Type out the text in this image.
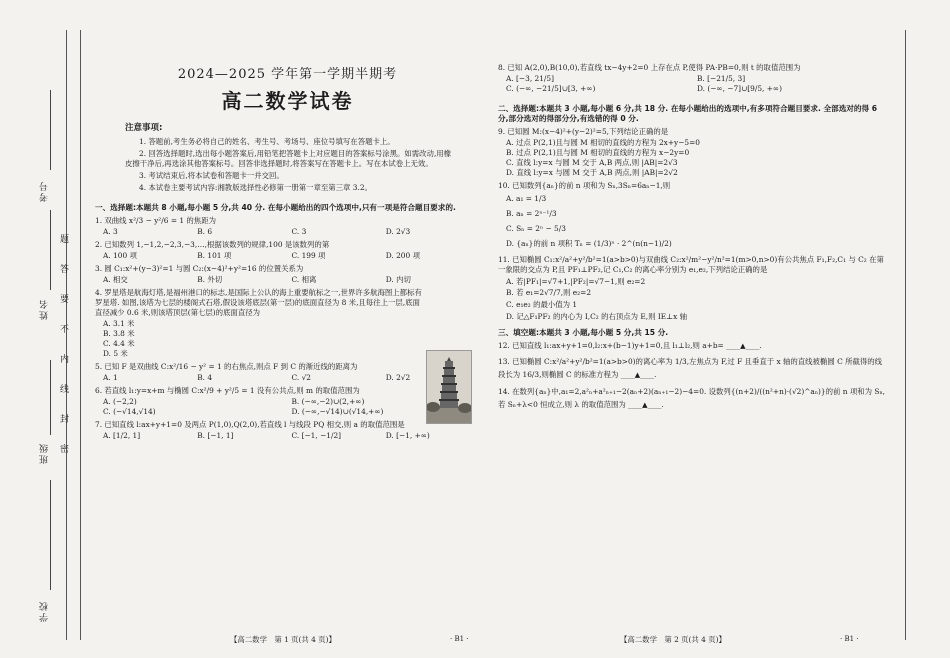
考号
姓名
班级
学校
题
答
要
不
内
线
封
密
2024—2025 学年第一学期半期考
高二数学试卷
注意事项:

1. 答题前,考生务必将自己的姓名、考生号、考场号、座位号填写在答题卡上。

2. 回答选择题时,选出每小题答案后,用铅笔把答题卡上对应题目的答案标号涂黑。如需改动,用橡皮擦干净后,再选涂其他答案标号。回答非选择题时,将答案写在答题卡上。写在本试卷上无效。

3. 考试结束后,将本试卷和答题卡一并交回。

4. 本试卷主要考试内容:湘教版选择性必修第一册第一章至第三章 3.2。

一、选择题:本题共 8 小题,每小题 5 分,共 40 分. 在每小题给出的四个选项中,只有一项是符合题目要求的.
1. 双曲线 x²/3 − y²/6 = 1 的焦距为
A. 3	B. 6	C. 3	D. 2√3
2. 已知数列 1,−1,2,−2,3,−3,…,根据该数列的规律,100 是该数列的第
A. 100 项	B. 101 项	C. 199 项	D. 200 项
3. 圆 C₁:x²+(y−3)²=1 与圆 C₂:(x−4)²+y²=16 的位置关系为
A. 相交	B. 外切	C. 相离	D. 内切
4. 罗星塔是航海灯塔,是福州港口的标志,是国际上公认的海上重要航标之一,世界许多航海图上都标有罗星塔. 如图,该塔为七层的楼阁式石塔,假设该塔底层(第一层)的底面直径为 8 米,且每往上一层,底面直径减少 0.6 米,则该塔顶层(第七层)的底面直径为
A. 3.1 米
B. 3.8 米
C. 4.4 米
D. 5 米
5. 已知 F 是双曲线 C:x²/16 − y² = 1 的右焦点,则点 F 到 C 的渐近线的距离为
A. 1	B. 4	C. √2	D. 2√2
6. 若直线 l₁:y=x+m 与椭圆 C:x²/9 + y²/5 = 1 没有公共点,则 m 的取值范围为
A. (−2,2)	B. (−∞,−2)∪(2,+∞)
C. (−√14,√14)	D. (−∞,−√14)∪(√14,+∞)
7. 已知直线 l:ax+y+1=0 及两点 P(1,0),Q(2,0),若直线 l 与线段 PQ 相交,则 a 的取值范围是
A. [1/2, 1]	B. [−1, 1]	C. [−1, −1/2]	D. [−1, +∞)
8. 已知 A(2,0),B(10,0),若直线 tx−4y+2=0 上存在点 P,使得 PA·PB=0,则 t 的取值范围为
A. [−3, 21/5]	B. [−21/5, 3]
C. (−∞, −21/5]∪[3, +∞)	D. (−∞, −7]∪[9/5, +∞)
二、选择题:本题共 3 小题,每小题 6 分,共 18 分. 在每小题给出的选项中,有多项符合题目要求. 全部选对的得 6 分,部分选对的得部分分,有选错的得 0 分.
9. 已知圆 M:(x−4)²+(y−2)²=5,下列结论正确的是
A. 过点 P(2,1)且与圆 M 相切的直线的方程为 2x+y−5=0
B. 过点 P(2,1)且与圆 M 相切的直线的方程为 x−2y=0
C. 直线 l:y=x 与圆 M 交于 A,B 两点,则 |AB|=2√3
D. 直线 l:y=x 与圆 M 交于 A,B 两点,则 |AB|=2√2
10. 已知数列{aₙ}的前 n 项和为 Sₙ,3Sₙ=6aₙ−1,则
A. a₁ = 1/3
B. aₙ = 2ⁿ⁻¹/3
C. Sₙ = 2ⁿ − 5/3
D. {aₙ}的前 n 项积 Tₙ = (1/3)ⁿ · 2^(n(n−1)/2)
11. 已知椭圆 C₁:x²/a²+y²/b²=1(a>b>0)与双曲线 C₂:x²/m²−y²/n²=1(m>0,n>0)有公共焦点 F₁,F₂,C₁ 与 C₂ 在第一象限的交点为 P,且 PF₁⊥PF₂,记 C₁,C₂ 的离心率分别为 e₁,e₂,下列结论正确的是
A. 若|PF₁|=√7+1,|PF₂|=√7−1,则 e₂=2
B. 若 e₁=2√7/7,则 e₂=2
C. e₁e₂ 的最小值为 1
D. 记△F₁PF₂ 的内心为 I,C₂ 的右顶点为 E,则 IE⊥x 轴
三、填空题:本题共 3 小题,每小题 5 分,共 15 分.
12. 已知直线 l₁:ax+y+1=0,l₂:x+(b−1)y+1=0,且 l₁⊥l₂,则 a+b= ____▲____.
13. 已知椭圆 C:x²/a²+y²/b²=1(a>b>0)的离心率为 1/3,左焦点为 F,过 F 且垂直于 x 轴的直线被椭圆 C 所截得的线段长为 16/3,则椭圆 C 的标准方程为 ____▲____.
14. 在数列{aₙ}中,a₁=2,a²ₙ+a²ₙ₊₁−2(aₙ+2)(aₙ₊₁−2)−4=0. 设数列{(n+2)/((n²+n)·(√2)^aₙ)}的前 n 项和为 Sₙ,若 Sₙ+λ<0 恒成立,则 λ 的取值范围为 ____▲____.
【高二数学　第 1 页(共 4 页)】	· B1 ·	【高二数学　第 2 页(共 4 页)】	· B1 ·
